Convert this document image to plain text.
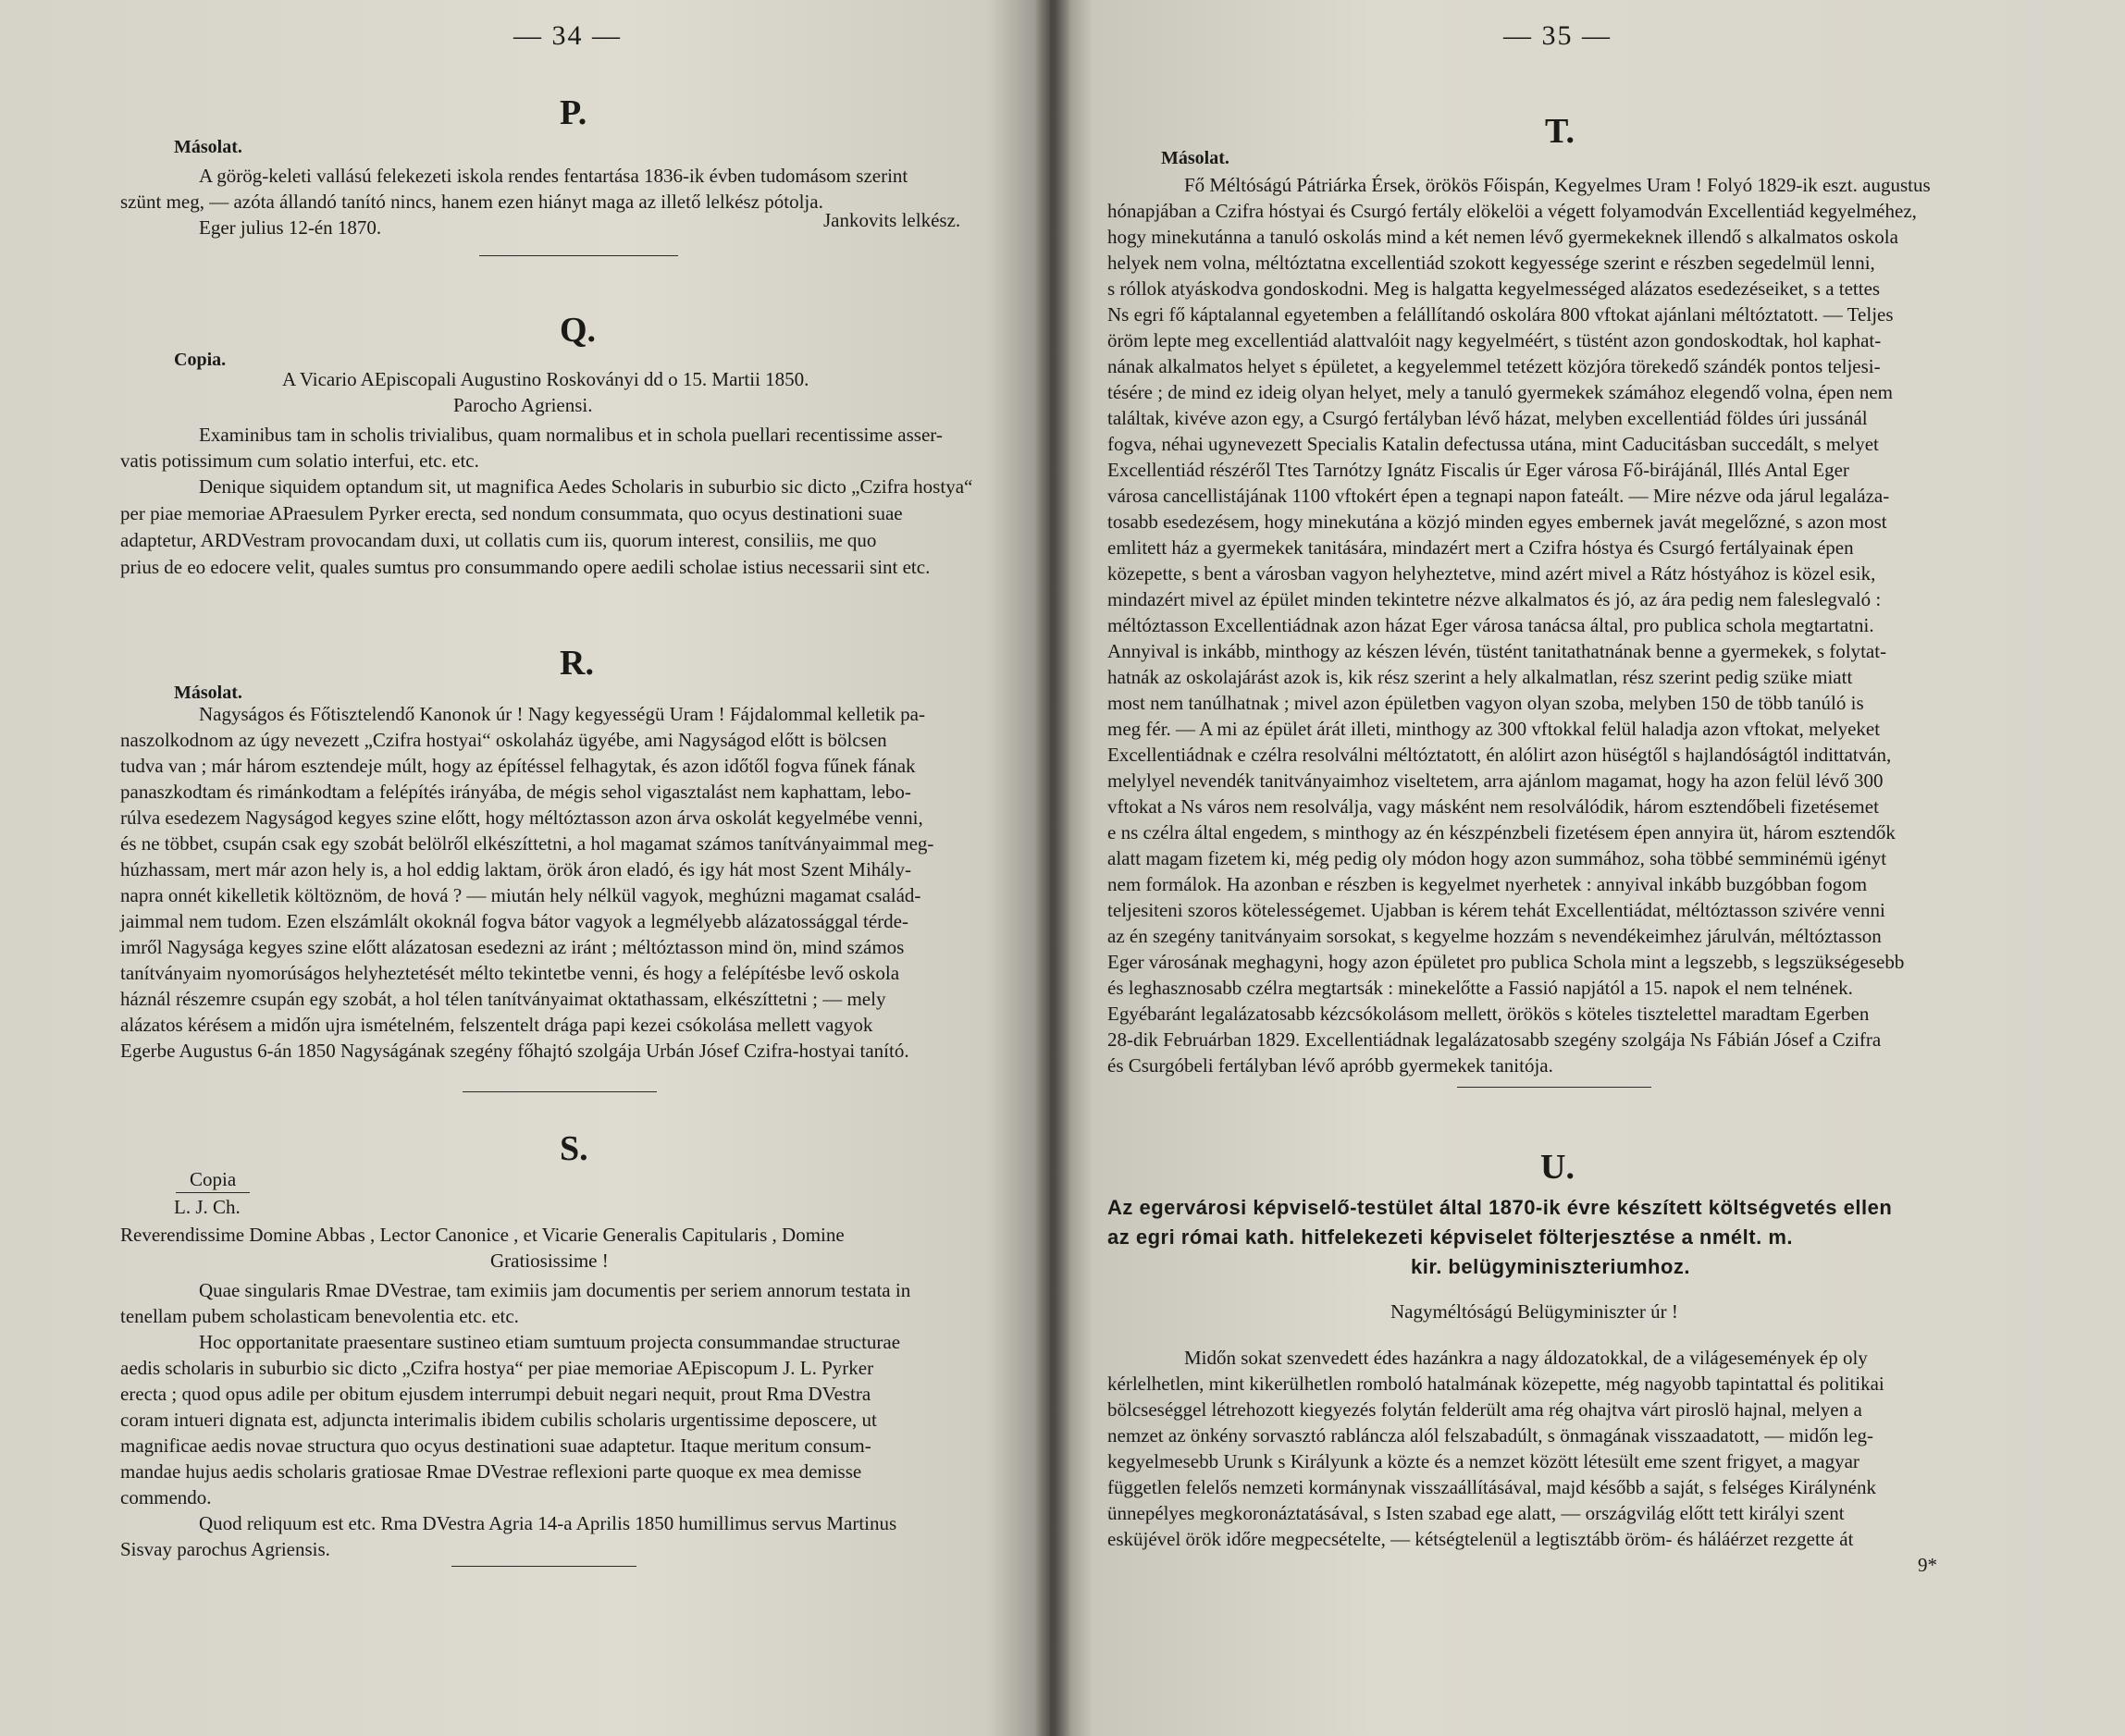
— 34 —
P.
Másolat.
A görög-keleti vallású felekezeti iskola rendes fentartása 1836-ik évben tudomásom szerint
szünt meg, — azóta állandó tanító nincs, hanem ezen hiányt maga az illető lelkész pótolja.
Eger julius 12-én 1870.	Jankovits lelkész.
Q.
Copia.
A Vicario AEpiscopali Augustino Roskoványi dd o 15. Martii 1850.
Parocho Agriensi.
Examinibus tam in scholis trivialibus, quam normalibus et in schola puellari recentissime asser-
vatis potissimum cum solatio interfui, etc. etc.
Denique siquidem optandum sit, ut magnifica Aedes Scholaris in suburbio sic dicto „Czifra hostya“
per piae memoriae APraesulem Pyrker erecta, sed nondum consummata, quo ocyus destinationi suae
adaptetur, ARDVestram provocandam duxi, ut collatis cum iis, quorum interest, consiliis, me quo
prius de eo edocere velit, quales sumtus pro consummando opere aedili scholae istius necessarii sint etc.
R.
Másolat.
Nagyságos és Főtisztelendő Kanonok úr ! Nagy kegyességü Uram ! Fájdalommal kelletik pa-
naszolkodnom az úgy nevezett „Czifra hostyai“ oskolaház ügyébe, ami Nagyságod előtt is bölcsen
tudva van ; már három esztendeje múlt, hogy az építéssel felhagytak, és azon időtől fogva fűnek fának
panaszkodtam és rimánkodtam a felépítés irányába, de mégis sehol vigasztalást nem kaphattam, lebo-
rúlva esedezem Nagyságod kegyes szine előtt, hogy méltóztasson azon árva oskolát kegyelmébe venni,
és ne többet, csupán csak egy szobát belölről elkészíttetni, a hol magamat számos tanítványaimmal meg-
húzhassam, mert már azon hely is, a hol eddig laktam, örök áron eladó, és igy hát most Szent Mihály-
napra onnét kikelletik költöznöm, de hová ? — miután hely nélkül vagyok, meghúzni magamat család-
jaimmal nem tudom. Ezen elszámlált okoknál fogva bátor vagyok a legmélyebb alázatossággal térde-
imről Nagysága kegyes szine előtt alázatosan esedezni az iránt ; méltóztasson mind ön, mind számos
tanítványaim nyomorúságos helyheztetését mélto tekintetbe venni, és hogy a felépítésbe levő oskola
háznál részemre csupán egy szobát, a hol télen tanítványaimat oktathassam, elkészíttetni ; — mely
alázatos kérésem a midőn ujra ismételném, felszentelt drága papi kezei csókolása mellett vagyok
Egerbe Augustus 6-án 1850 Nagyságának szegény főhajtó szolgája Urbán Jósef Czifra-hostyai tanító.
S.
Copia
L. J. Ch.
Reverendissime Domine Abbas , Lector Canonice , et Vicarie Generalis Capitularis , Domine
Gratiosissime !
Quae singularis Rmae DVestrae, tam eximiis jam documentis per seriem annorum testata in
tenellam pubem scholasticam benevolentia etc. etc.
Hoc opportanitate praesentare sustineo etiam sumtuum projecta consummandae structurae
aedis scholaris in suburbio sic dicto „Czifra hostya“ per piae memoriae AEpiscopum J. L. Pyrker
erecta ; quod opus adile per obitum ejusdem interrumpi debuit negari nequit, prout Rma DVestra
coram intueri dignata est, adjuncta interimalis ibidem cubilis scholaris urgentissime deposcere, ut
magnificae aedis novae structura quo ocyus destinationi suae adaptetur. Itaque meritum consum-
mandae hujus aedis scholaris gratiosae Rmae DVestrae reflexioni parte quoque ex mea demisse
commendo.
Quod reliquum est etc. Rma DVestra Agria 14-a Aprilis 1850 humillimus servus Martinus
Sisvay parochus Agriensis.
— 35 —
T.
Másolat.
Fő Méltóságú Pátriárka Érsek, örökös Főispán, Kegyelmes Uram ! Folyó 1829-ik eszt. augustus
hónapjában a Czifra hóstyai és Csurgó fertály elökelöi a végett folyamodván Excellentiád kegyelméhez,
hogy minekutánna a tanuló oskolás mind a két nemen lévő gyermekeknek illendő s alkalmatos oskola
helyek nem volna, méltóztatna excellentiád szokott kegyessége szerint e részben segedelmül lenni,
s róllok atyáskodva gondoskodni. Meg is halgatta kegyelmességed alázatos esedezéseiket, s a tettes
Ns egri fő káptalannal egyetemben a felállítandó oskolára 800 vftokat ajánlani méltóztatott. — Teljes
öröm lepte meg excellentiád alattvalóit nagy kegyelméért, s tüstént azon gondoskodtak, hol kaphat-
nának alkalmatos helyet s épületet, a kegyelemmel tetézett közjóra törekedő szándék pontos teljesi-
tésére ; de mind ez ideig olyan helyet, mely a tanuló gyermekek számához elegendő volna, épen nem
találtak, kivéve azon egy, a Csurgó fertályban lévő házat, melyben excellentiád földes úri jussánál
fogva, néhai ugynevezett Specialis Katalin defectussa utána, mint Caducitásban succedált, s melyet
Excellentiád részéről Ttes Tarnótzy Ignátz Fiscalis úr Eger városa Fő-birájánál, Illés Antal Eger
városa cancellistájának 1100 vftokért épen a tegnapi napon fateált. — Mire nézve oda járul legaláza-
tosabb esedezésem, hogy minekutána a közjó minden egyes embernek javát megelőzné, s azon most
emlitett ház a gyermekek tanitására, mindazért mert a Czifra hóstya és Csurgó fertályainak épen
közepette, s bent a városban vagyon helyheztetve, mind azért mivel a Rátz hóstyához is közel esik,
mindazért mivel az épület minden tekintetre nézve alkalmatos és jó, az ára pedig nem faleslegvaló :
méltóztasson Excellentiádnak azon házat Eger városa tanácsa által, pro publica schola megtartatni.
Annyival is inkább, minthogy az készen lévén, tüstént tanitathatnának benne a gyermekek, s folytat-
hatnák az oskolajárást azok is, kik rész szerint a hely alkalmatlan, rész szerint pedig szüke miatt
most nem tanúlhatnak ; mivel azon épületben vagyon olyan szoba, melyben 150 de több tanúló is
meg fér. — A mi az épület árát illeti, minthogy az 300 vftokkal felül haladja azon vftokat, melyeket
Excellentiádnak e czélra resolválni méltóztatott, én alólirt azon hüségtől s hajlandóságtól indittatván,
melylyel nevendék tanitványaimhoz viseltetem, arra ajánlom magamat, hogy ha azon felül lévő 300
vftokat a Ns város nem resolválja, vagy másként nem resolválódik, három esztendőbeli fizetésemet
e ns czélra által engedem, s minthogy az én készpénzbeli fizetésem épen annyira üt, három esztendők
alatt magam fizetem ki, még pedig oly módon hogy azon summához, soha többé semminémü igényt
nem formálok. Ha azonban e részben is kegyelmet nyerhetek : annyival inkább buzgóbban fogom
teljesiteni szoros kötelességemet. Ujabban is kérem tehát Excellentiádat, méltóztasson szivére venni
az én szegény tanitványaim sorsokat, s kegyelme hozzám s nevendékeimhez járulván, méltóztasson
Eger városának meghagyni, hogy azon épületet pro publica Schola mint a legszebb, s legszükségesebb
és leghasznosabb czélra megtartsák : minekelőtte a Fassió napjától a 15. napok el nem telnének.
Egyébaránt legalázatosabb kézcsókolásom mellett, örökös s köteles tisztelettel maradtam Egerben
28-dik Februárban 1829. Excellentiádnak legalázatosabb szegény szolgája Ns Fábián Jósef a Czifra
és Csurgóbeli fertályban lévő apróbb gyermekek tanitója.
U.
Az egervárosi képviselő-testület által 1870-ik évre készített költségvetés ellen
az egri római kath. hitfelekezeti képviselet fölterjesztése a nmélt. m.
kir. belügyminiszteriumhoz.
Nagyméltóságú Belügyminiszter úr !
Midőn sokat szenvedett édes hazánkra a nagy áldozatokkal, de a világesemények ép oly
kérlelhetlen, mint kikerülhetlen romboló hatalmának közepette, még nagyobb tapintattal és politikai
bölcseséggel létrehozott kiegyezés folytán felderült ama rég ohajtva várt piroslö hajnal, melyen a
nemzet az önkény sorvasztó rablánczа alól felszabadúlt, s önmagának visszaadatott, — midőn leg-
kegyelmesebb Urunk s Királyunk a közte és a nemzet között létesült eme szent frigyet, a magyar
független felelős nemzeti kormánynak visszaállításával, majd később a saját, s felséges Királynénk
ünnepélyes megkoronáztatásával, s Isten szabad ege alatt, — országvilág előtt tett királyi szent
esküjével örök időre megpecsételte, — kétségtelenül a legtisztább öröm- és háláérzet rezgette át
9*
